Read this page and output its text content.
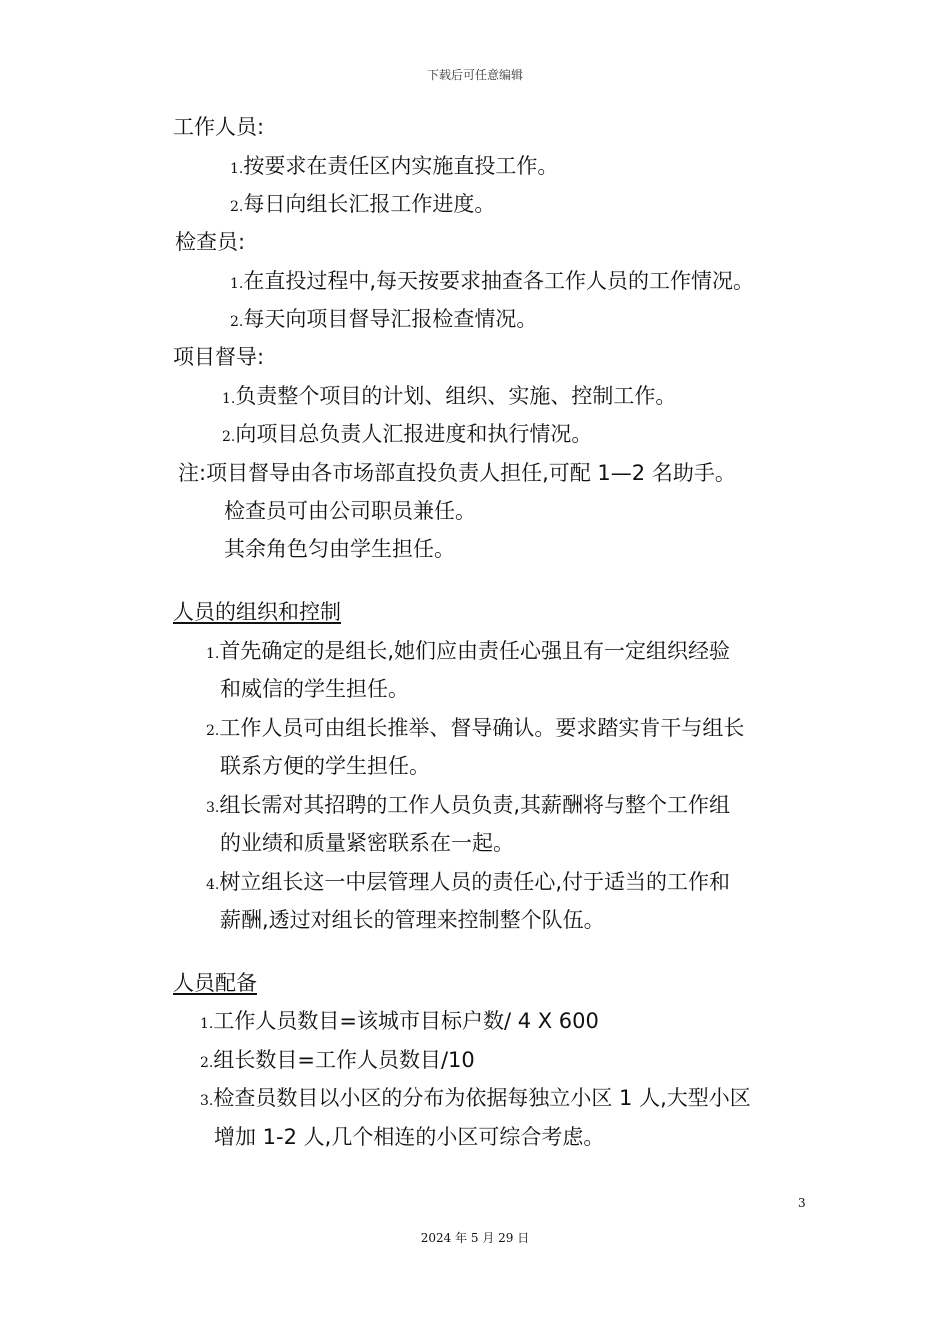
下载后可任意编辑
工作人员:
1.按要求在责任区内实施直投工作。
2.每日向组长汇报工作进度。
检查员:
1.在直投过程中,每天按要求抽查各工作人员的工作情况。
2.每天向项目督导汇报检查情况。
项目督导:
1.负责整个项目的计划、组织、实施、控制工作。
2.向项目总负责人汇报进度和执行情况。
注:项目督导由各市场部直投负责人担任,可配 1—2 名助手。
检查员可由公司职员兼任。
其余角色匀由学生担任。
人员的组织和控制
1.首先确定的是组长,她们应由责任心强且有一定组织经验
和威信的学生担任。
2.工作人员可由组长推举、督导确认。要求踏实肯干与组长
联系方便的学生担任。
3.组长需对其招聘的工作人员负责,其薪酬将与整个工作组
的业绩和质量紧密联系在一起。
4.树立组长这一中层管理人员的责任心,付于适当的工作和
薪酬,透过对组长的管理来控制整个队伍。
人员配备
1.工作人员数目=该城市目标户数/ 4 X 600
2.组长数目=工作人员数目/10
3.检查员数目以小区的分布为依据每独立小区 1 人,大型小区
增加 1-2 人,几个相连的小区可综合考虑。
3
2024 年 5 月 29 日
